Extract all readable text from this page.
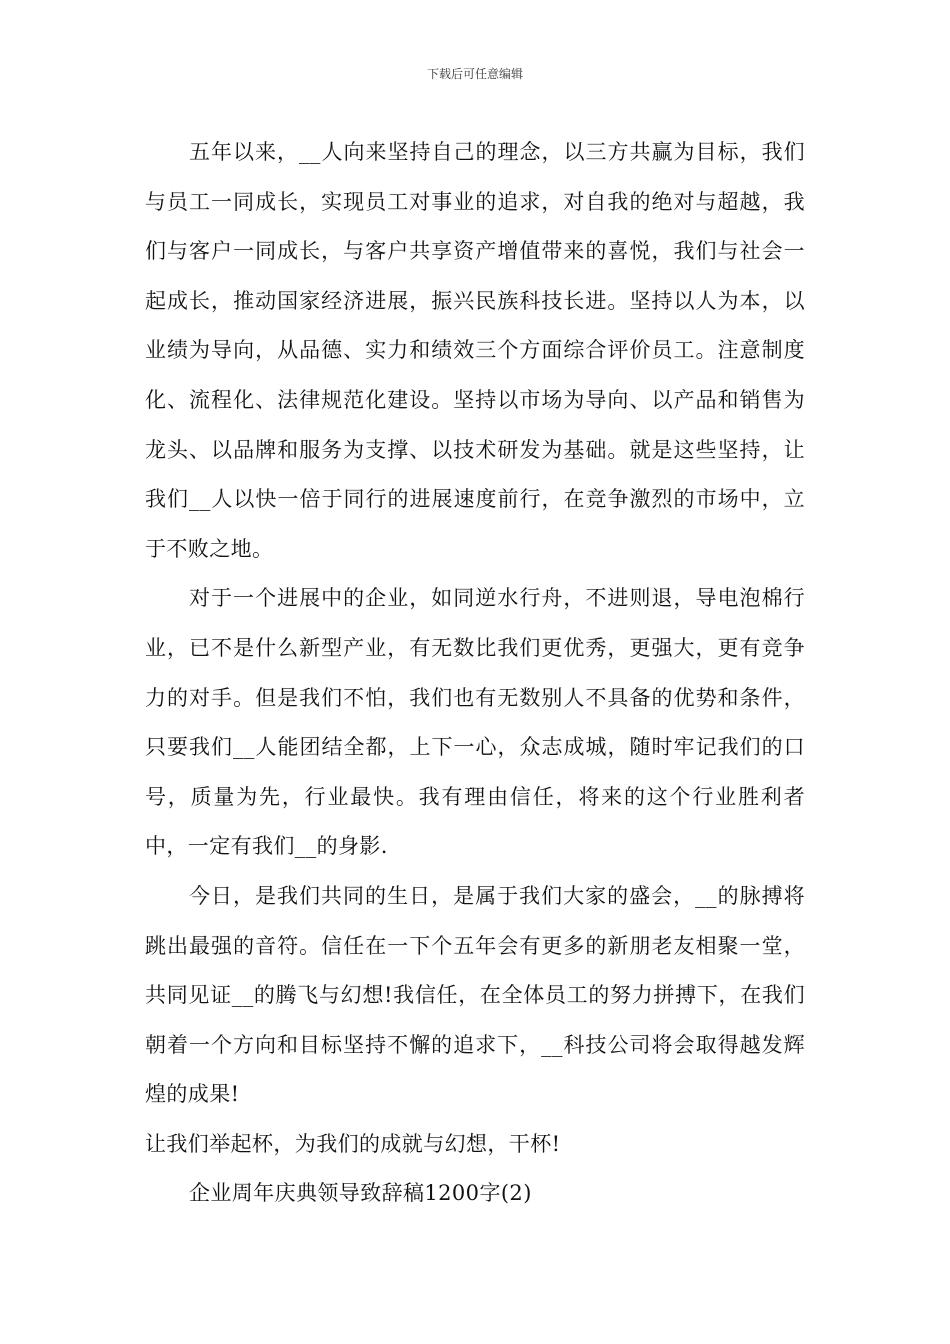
下载后可任意编辑

五年以来，__人向来坚持自己的理念，以三方共赢为目标，我们与员工一同成长，实现员工对事业的追求，对自我的绝对与超越，我们与客户一同成长，与客户共享资产增值带来的喜悦，我们与社会一起成长，推动国家经济进展，振兴民族科技长进。坚持以人为本，以业绩为导向，从品德、实力和绩效三个方面综合评价员工。注意制度化、流程化、法律规范化建设。坚持以市场为导向、以产品和销售为龙头、以品牌和服务为支撑、以技术研发为基础。就是这些坚持，让我们__人以快一倍于同行的进展速度前行，在竞争激烈的市场中，立于不败之地。

对于一个进展中的企业，如同逆水行舟，不进则退，导电泡棉行业，已不是什么新型产业，有无数比我们更优秀，更强大，更有竞争力的对手。但是我们不怕，我们也有无数别人不具备的优势和条件，只要我们__人能团结全都，上下一心，众志成城，随时牢记我们的口号，质量为先，行业最快。我有理由信任，将来的这个行业胜利者中，一定有我们__的身影.

今日，是我们共同的生日，是属于我们大家的盛会，__的脉搏将跳出最强的音符。信任在一下个五年会有更多的新朋老友相聚一堂，共同见证__的腾飞与幻想!我信任，在全体员工的努力拼搏下，在我们朝着一个方向和目标坚持不懈的追求下，__科技公司将会取得越发辉煌的成果!

让我们举起杯，为我们的成就与幻想，干杯!

企业周年庆典领导致辞稿1200字(2)
